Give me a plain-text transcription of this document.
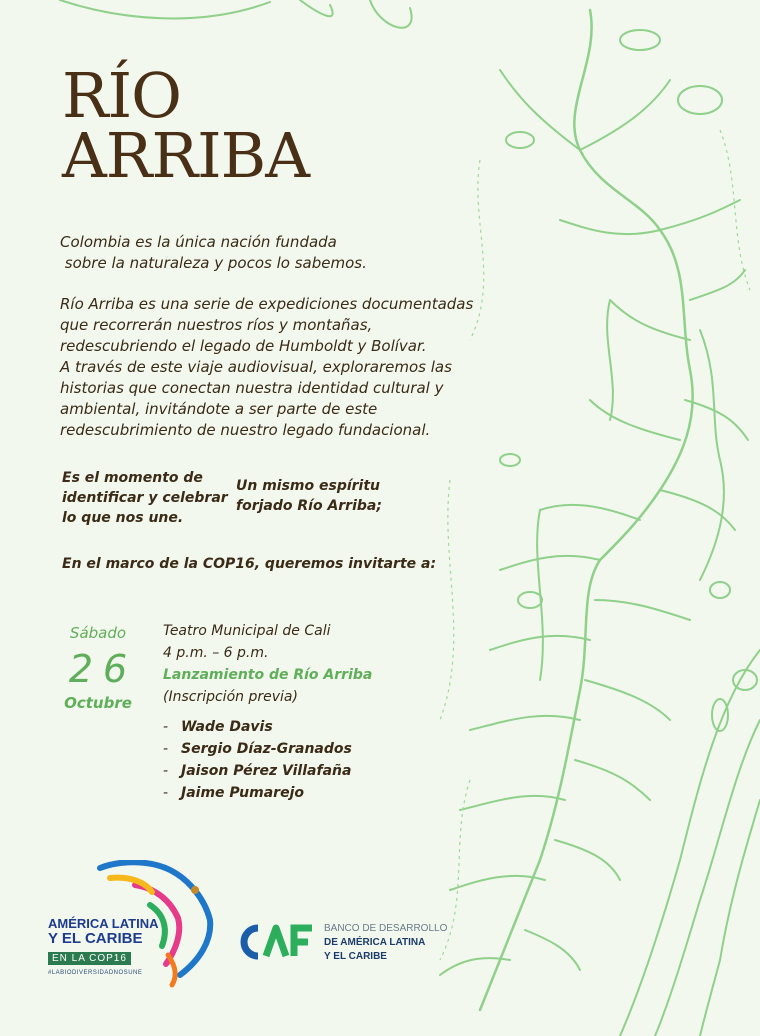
RÍO
ARRIBA
Colombia es la única nación fundada
sobre la naturaleza y pocos lo sabemos.
Río Arriba es una serie de expediciones documentadas
que recorrerán nuestros ríos y montañas,
redescubriendo el legado de Humboldt y Bolívar.
A través de este viaje audiovisual, exploraremos las
historias que conectan nuestra identidad cultural y
ambiental, invitándote a ser parte de este
redescubrimiento de nuestro legado fundacional.
Es el momento de
identificar y celebrar
lo que nos une.
Un mismo espíritu
forjado Río Arriba;
En el marco de la COP16, queremos invitarte a:
Sábado
26
Octubre
Teatro Municipal de Cali
4 p.m. – 6 p.m.
Lanzamiento de Río Arriba
(Inscripción previa)
- Wade Davis
- Sergio Díaz-Granados
- Jaison Pérez Villafaña
- Jaime Pumarejo
AMÉRICA LATINA
Y EL CARIBE
EN LA COP16
#LABIODIVERSIDADNOSUNE
BANCO DE DESARROLLO
DE AMÉRICA LATINA
Y EL CARIBE
